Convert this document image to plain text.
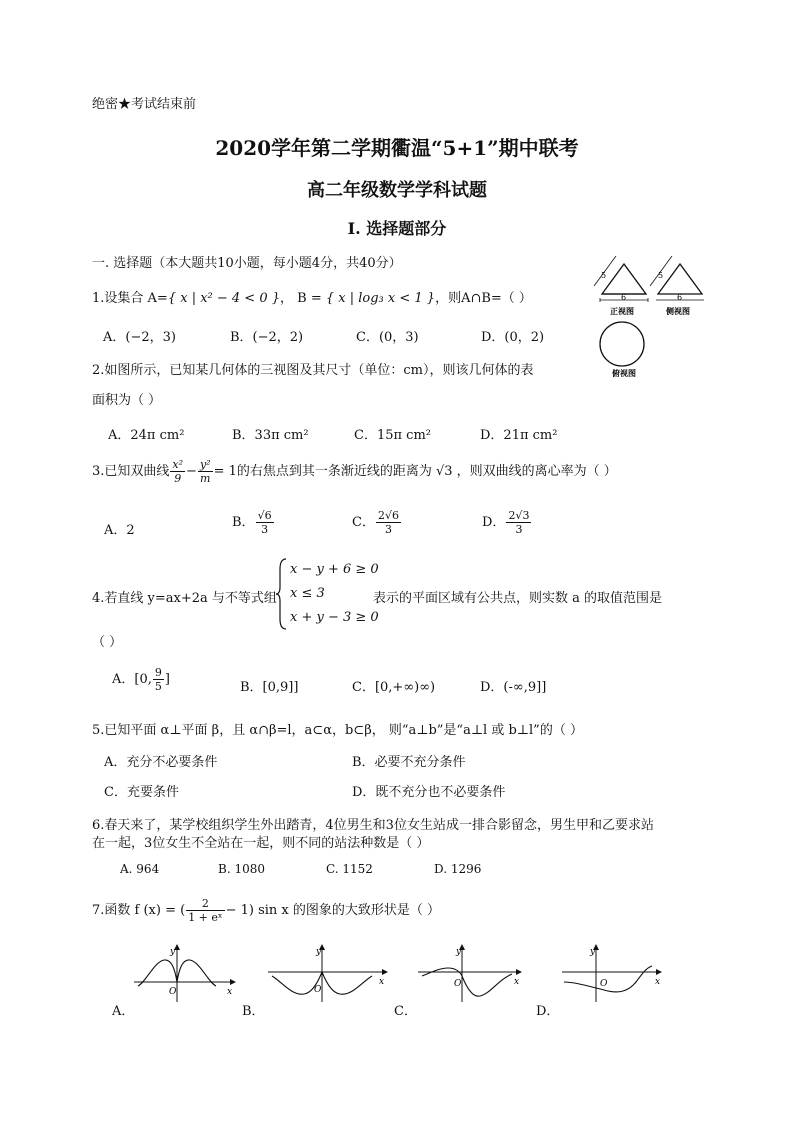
绝密★考试结束前
2020学年第二学期衢温“5+1”期中联考
高二年级数学学科试题
Ⅰ. 选择题部分
一. 选择题（本大题共10小题，每小题4分，共40分）
1.设集合 A={ x | x² − 4 < 0 }， B = { x | log₃ x < 1 }，则A∩B=（ ）
A．(−2，3)	B．(−2，2)	C．(0，3)	D．(0，2)
2.如图所示，已知某几何体的三视图及其尺寸（单位：cm），则该几何体的表
面积为（ ）
A．24π cm²	B．33π cm²	C．15π cm²	D．21π cm²
5
6
正视图
5
6
侧视图
俯视图
3.已知双曲线 $\frac{\text{x²}}{9} - \frac{\text{y²}}{m} = 1$的右焦点到其一条渐近线的距离为 √3 ，则双曲线的离心率为（ ）
A．2
B． $\frac{√6}{3}$	C． $\frac{2√6}{3}$	D． $\frac{2√3}{3}$
4.若直线 y=ax+2a 与不等式组
x − y + 6 ≥ 0
x ≤ 3
x + y − 3 ≥ 0
表示的平面区域有公共点，则实数 a 的取值范围是
（ ）
A．[0, $\frac{9}{5}$ ]
B．[0,9]]	C．[0,+∞)∞)	D．(-∞,9]]
5.已知平面 α⊥平面 β，且 α∩β=l，a⊂α，b⊂β， 则“a⊥b”是“a⊥l 或 b⊥l”的（ ）
A．充分不必要条件	B．必要不充分条件
C．充要条件	D．既不充分也不必要条件
6.春天来了，某学校组织学生外出踏青，4位男生和3位女生站成一排合影留念，男生甲和乙要求站
在一起，3位女生不全站在一起，则不同的站法种数是（ ）
A. 964	B. 1080	C. 1152	D. 1296
7.函数 f (x) = ( $\frac{2}{\text{1 + eˣ}} - 1$) sin x 的图象的大致形状是（ ）
A．	B．	C．	D．
y
x
O
y
x
O
y
x
O
y
x
O
